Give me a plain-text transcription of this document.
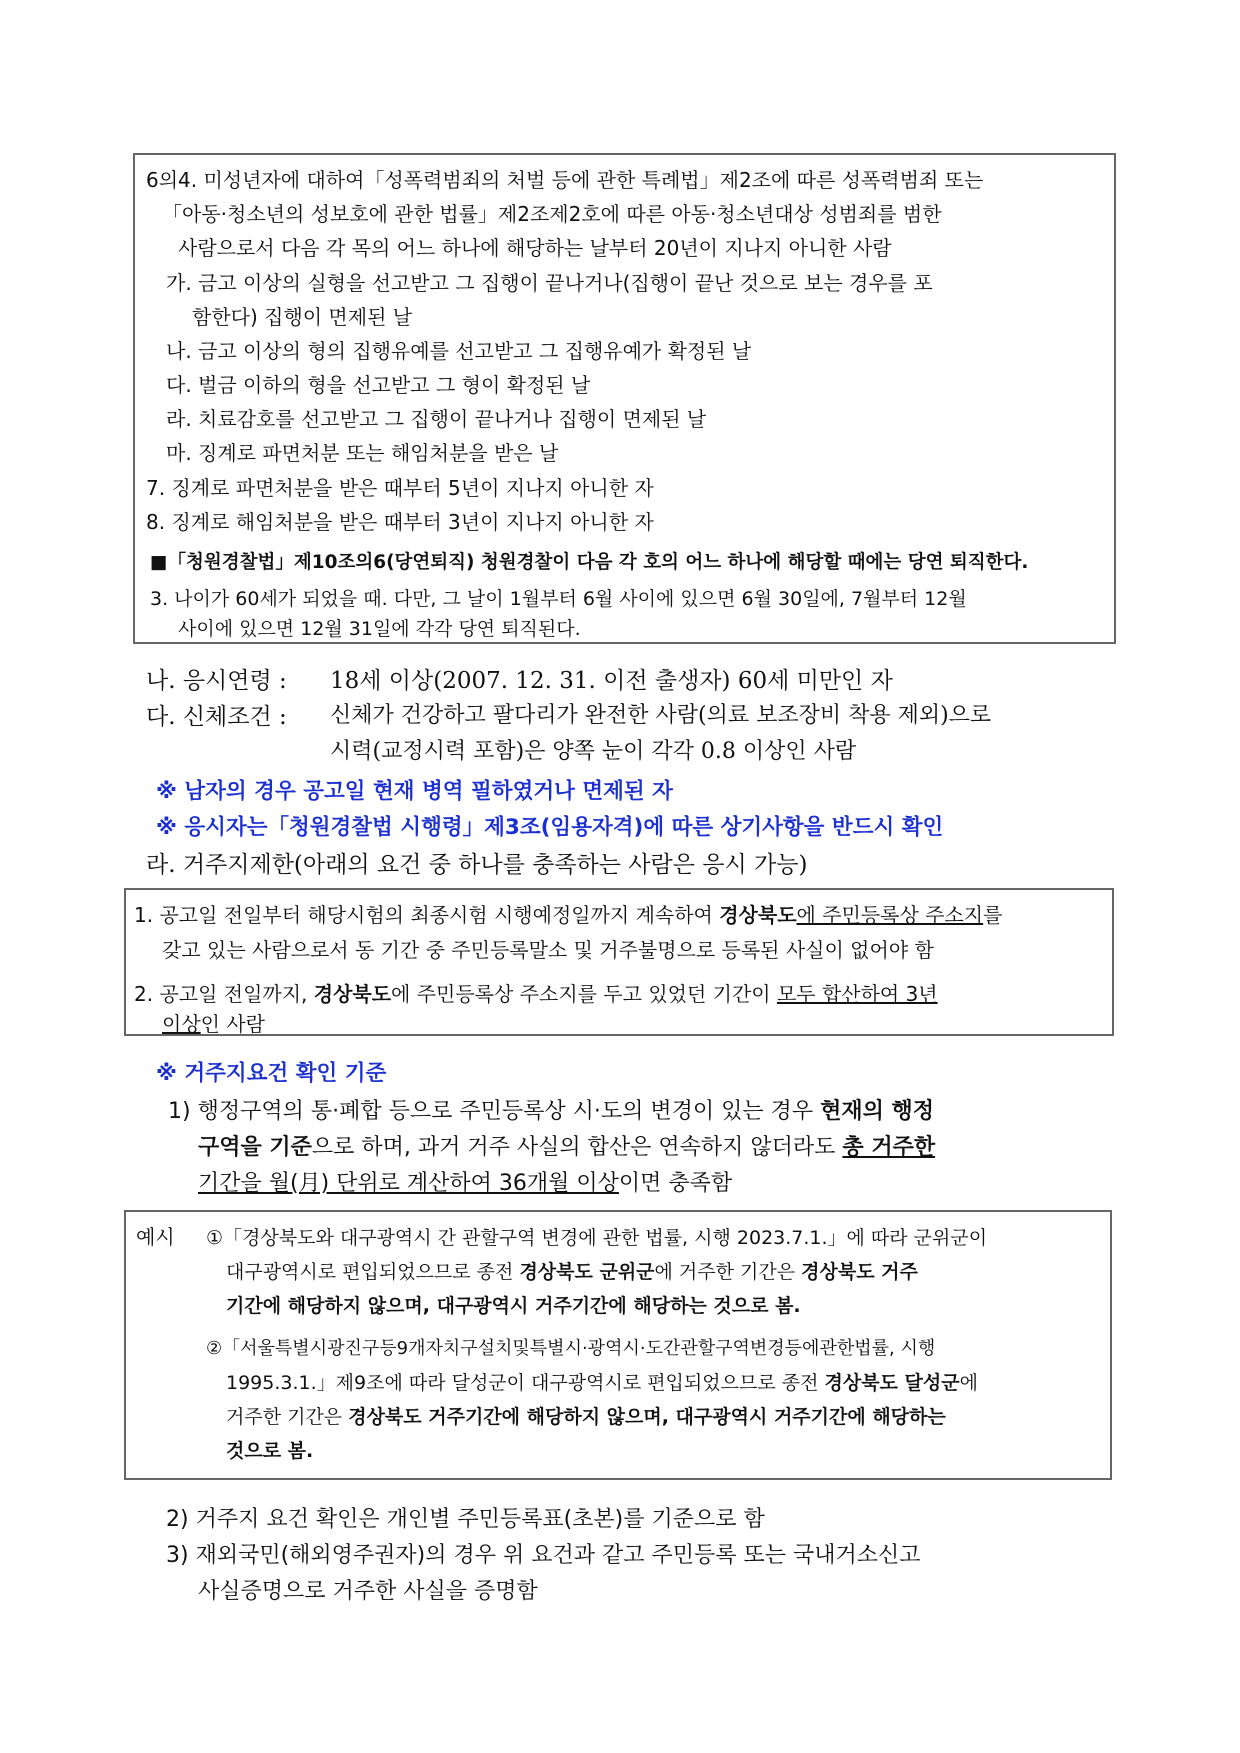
6의4. 미성년자에 대하여「성폭력범죄의 처벌 등에 관한 특례법」제2조에 따른 성폭력범죄 또는
「아동·청소년의 성보호에 관한 법률」제2조제2호에 따른 아동·청소년대상 성범죄를 범한
사람으로서 다음 각 목의 어느 하나에 해당하는 날부터 20년이 지나지 아니한 사람
가. 금고 이상의 실형을 선고받고 그 집행이 끝나거나(집행이 끝난 것으로 보는 경우를 포
함한다) 집행이 면제된 날
나. 금고 이상의 형의 집행유예를 선고받고 그 집행유예가 확정된 날
다. 벌금 이하의 형을 선고받고 그 형이 확정된 날
라. 치료감호를 선고받고 그 집행이 끝나거나 집행이 면제된 날
마. 징계로 파면처분 또는 해임처분을 받은 날
7. 징계로 파면처분을 받은 때부터 5년이 지나지 아니한 자
8. 징계로 해임처분을 받은 때부터 3년이 지나지 아니한 자
■「청원경찰법」제10조의6(당연퇴직) 청원경찰이 다음 각 호의 어느 하나에 해당할 때에는 당연 퇴직한다.
3. 나이가 60세가 되었을 때. 다만, 그 날이 1월부터 6월 사이에 있으면 6월 30일에, 7월부터 12월
사이에 있으면 12월 31일에 각각 당연 퇴직된다.
나. 응시연령 : 18세 이상(2007. 12. 31. 이전 출생자) 60세 미만인 자
다. 신체조건 : 신체가 건강하고 팔다리가 완전한 사람(의료 보조장비 착용 제외)으로
시력(교정시력 포함)은 양쪽 눈이 각각 0.8 이상인 사람
※ 남자의 경우 공고일 현재 병역 필하였거나 면제된 자
※ 응시자는「청원경찰법 시행령」제3조(임용자격)에 따른 상기사항을 반드시 확인
라. 거주지제한(아래의 요건 중 하나를 충족하는 사람은 응시 가능)
1. 공고일 전일부터 해당시험의 최종시험 시행예정일까지 계속하여 경상북도에 주민등록상 주소지를
갖고 있는 사람으로서 동 기간 중 주민등록말소 및 거주불명으로 등록된 사실이 없어야 함
2. 공고일 전일까지, 경상북도에 주민등록상 주소지를 두고 있었던 기간이 모두 합산하여 3년
이상인 사람
※ 거주지요건 확인 기준
1) 행정구역의 통·폐합 등으로 주민등록상 시·도의 변경이 있는 경우 현재의 행정
구역을 기준으로 하며, 과거 거주 사실의 합산은 연속하지 않더라도 총 거주한
기간을 월(月) 단위로 계산하여 36개월 이상이면 충족함
예시 ①「경상북도와 대구광역시 간 관할구역 변경에 관한 법률, 시행 2023.7.1.」에 따라 군위군이
대구광역시로 편입되었으므로 종전 경상북도 군위군에 거주한 기간은 경상북도 거주
기간에 해당하지 않으며, 대구광역시 거주기간에 해당하는 것으로 봄.
②「서울특별시광진구등9개자치구설치및특별시·광역시·도간관할구역변경등에관한법률, 시행
1995.3.1.」제9조에 따라 달성군이 대구광역시로 편입되었으므로 종전 경상북도 달성군에
거주한 기간은 경상북도 거주기간에 해당하지 않으며, 대구광역시 거주기간에 해당하는
것으로 봄.
2) 거주지 요건 확인은 개인별 주민등록표(초본)를 기준으로 함
3) 재외국민(해외영주권자)의 경우 위 요건과 같고 주민등록 또는 국내거소신고
사실증명으로 거주한 사실을 증명함
